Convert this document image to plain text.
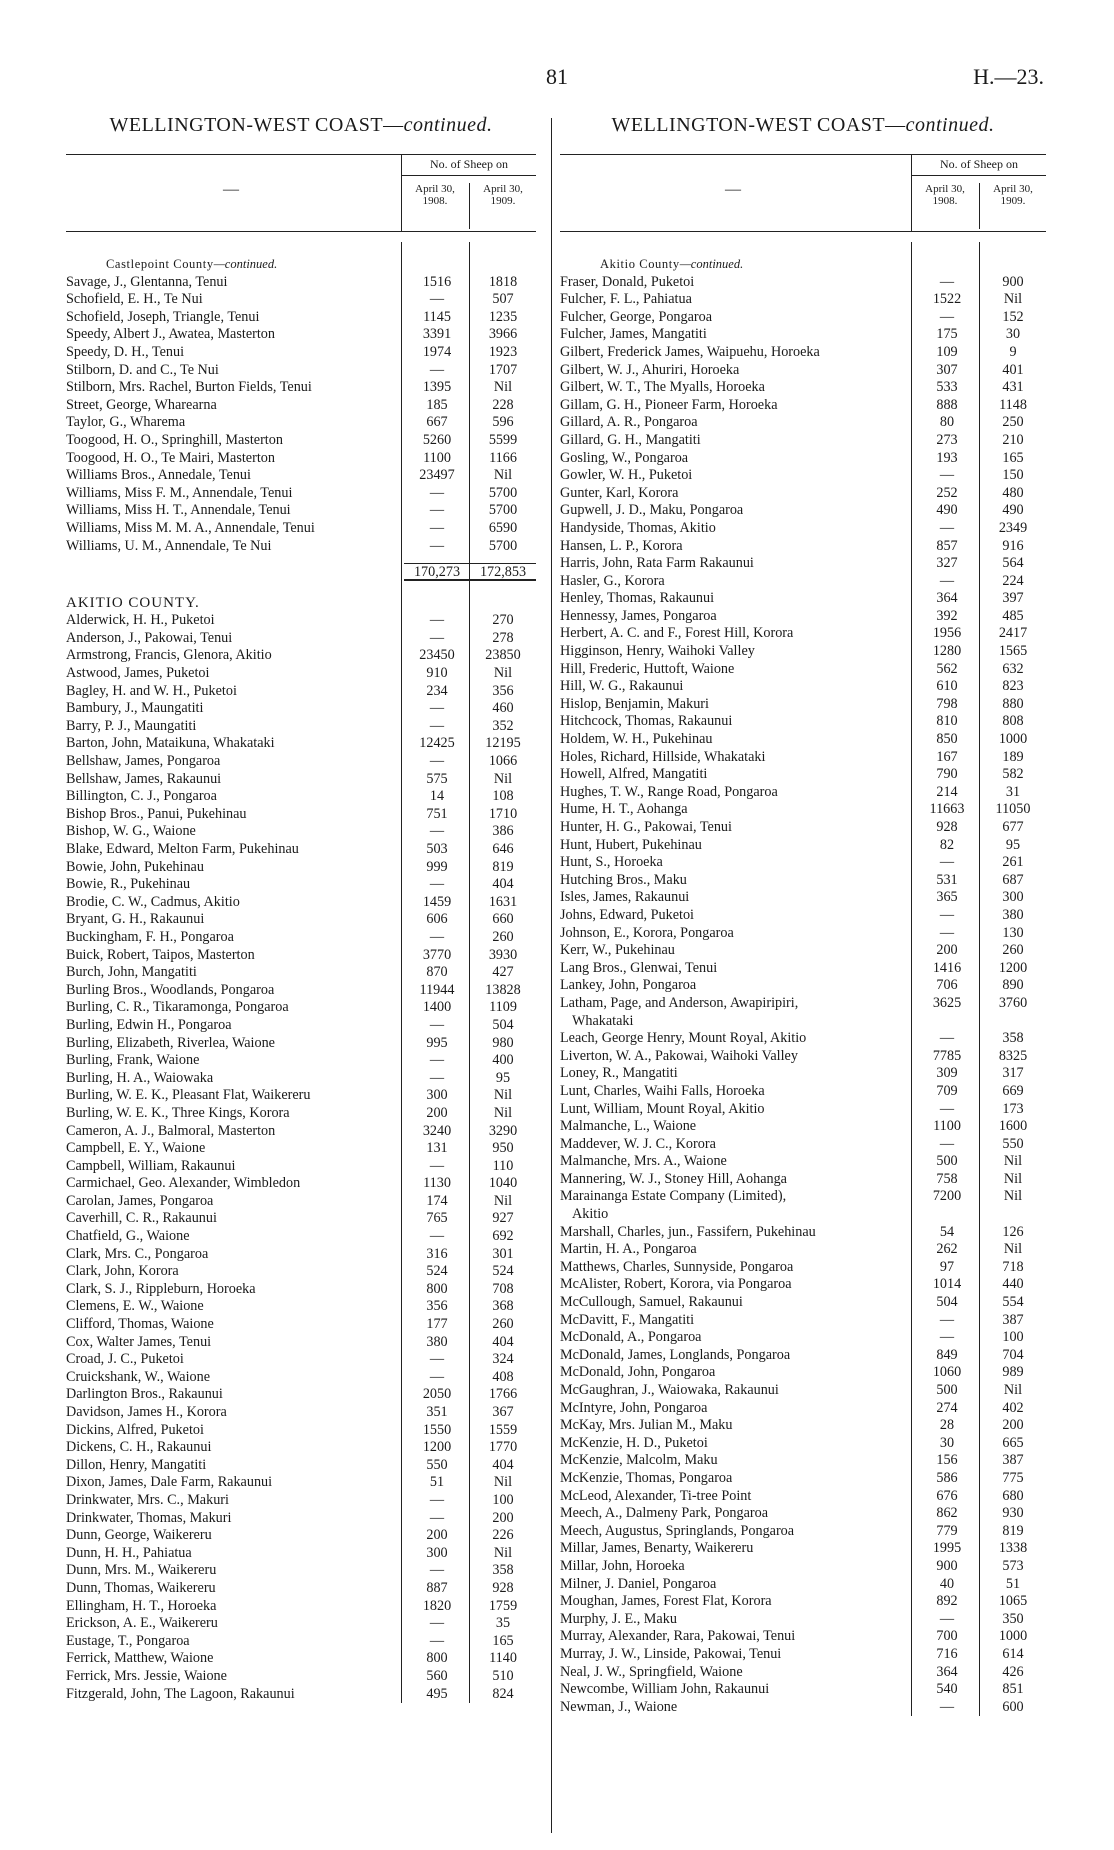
81	H.—23.
WELLINGTON-WEST COAST—continued.
—
No. of Sheep on
April 30, 1908.
April 30, 1909.
Castlepoint County —continued.
Savage, J., Glentanna, Tenui	1516	1818
Schofield, E. H., Te Nui	—	507
Schofield, Joseph, Triangle, Tenui	1145	1235
Speedy, Albert J., Awatea, Masterton	3391	3966
Speedy, D. H., Tenui	1974	1923
Stilborn, D. and C., Te Nui	—	1707
Stilborn, Mrs. Rachel, Burton Fields, Tenui	1395	Nil
Street, George, Wharearna	185	228
Taylor, G., Wharema	667	596
Toogood, H. O., Springhill, Masterton	5260	5599
Toogood, H. O., Te Mairi, Masterton	1100	1166
Williams Bros., Annedale, Tenui	23497	Nil
Williams, Miss F. M., Annendale, Tenui	—	5700
Williams, Miss H. T., Annendale, Tenui	—	5700
Williams, Miss M. M. A., Annendale, Tenui	—	6590
Williams, U. M., Annendale, Te Nui	—	5700
170,273	172,853
AKITIO COUNTY.
Alderwick, H. H., Puketoi	—	270
Anderson, J., Pakowai, Tenui	—	278
Armstrong, Francis, Glenora, Akitio	23450	23850
Astwood, James, Puketoi	910	Nil
Bagley, H. and W. H., Puketoi	234	356
Bambury, J., Maungatiti	—	460
Barry, P. J., Maungatiti	—	352
Barton, John, Mataikuna, Whakataki	12425	12195
Bellshaw, James, Pongaroa	—	1066
Bellshaw, James, Rakaunui	575	Nil
Billington, C. J., Pongaroa	14	108
Bishop Bros., Panui, Pukehinau	751	1710
Bishop, W. G., Waione	—	386
Blake, Edward, Melton Farm, Pukehinau	503	646
Bowie, John, Pukehinau	999	819
Bowie, R., Pukehinau	—	404
Brodie, C. W., Cadmus, Akitio	1459	1631
Bryant, G. H., Rakaunui	606	660
Buckingham, F. H., Pongaroa	—	260
Buick, Robert, Taipos, Masterton	3770	3930
Burch, John, Mangatiti	870	427
Burling Bros., Woodlands, Pongaroa	11944	13828
Burling, C. R., Tikaramonga, Pongaroa	1400	1109
Burling, Edwin H., Pongaroa	—	504
Burling, Elizabeth, Riverlea, Waione	995	980
Burling, Frank, Waione	—	400
Burling, H. A., Waiowaka	—	95
Burling, W. E. K., Pleasant Flat, Waikereru	300	Nil
Burling, W. E. K., Three Kings, Korora	200	Nil
Cameron, A. J., Balmoral, Masterton	3240	3290
Campbell, E. Y., Waione	131	950
Campbell, William, Rakaunui	—	110
Carmichael, Geo. Alexander, Wimbledon	1130	1040
Carolan, James, Pongaroa	174	Nil
Caverhill, C. R., Rakaunui	765	927
Chatfield, G., Waione	—	692
Clark, Mrs. C., Pongaroa	316	301
Clark, John, Korora	524	524
Clark, S. J., Rippleburn, Horoeka	800	708
Clemens, E. W., Waione	356	368
Clifford, Thomas, Waione	177	260
Cox, Walter James, Tenui	380	404
Croad, J. C., Puketoi	—	324
Cruickshank, W., Waione	—	408
Darlington Bros., Rakaunui	2050	1766
Davidson, James H., Korora	351	367
Dickins, Alfred, Puketoi	1550	1559
Dickens, C. H., Rakaunui	1200	1770
Dillon, Henry, Mangatiti	550	404
Dixon, James, Dale Farm, Rakaunui	51	Nil
Drinkwater, Mrs. C., Makuri	—	100
Drinkwater, Thomas, Makuri	—	200
Dunn, George, Waikereru	200	226
Dunn, H. H., Pahiatua	300	Nil
Dunn, Mrs. M., Waikereru	—	358
Dunn, Thomas, Waikereru	887	928
Ellingham, H. T., Horoeka	1820	1759
Erickson, A. E., Waikereru	—	35
Eustage, T., Pongaroa	—	165
Ferrick, Matthew, Waione	800	1140
Ferrick, Mrs. Jessie, Waione	560	510
Fitzgerald, John, The Lagoon, Rakaunui	495	824
WELLINGTON-WEST COAST—continued.
—
No. of Sheep on
April 30, 1908.
April 30, 1909.
Akitio County —continued.
Fraser, Donald, Puketoi	—	900
Fulcher, F. L., Pahiatua	1522	Nil
Fulcher, George, Pongaroa	—	152
Fulcher, James, Mangatiti	175	30
Gilbert, Frederick James, Waipuehu, Horoeka	109	9
Gilbert, W. J., Ahuriri, Horoeka	307	401
Gilbert, W. T., The Myalls, Horoeka	533	431
Gillam, G. H., Pioneer Farm, Horoeka	888	1148
Gillard, A. R., Pongaroa	80	250
Gillard, G. H., Mangatiti	273	210
Gosling, W., Pongaroa	193	165
Gowler, W. H., Puketoi	—	150
Gunter, Karl, Korora	252	480
Gupwell, J. D., Maku, Pongaroa	490	490
Handyside, Thomas, Akitio	—	2349
Hansen, L. P., Korora	857	916
Harris, John, Rata Farm Rakaunui	327	564
Hasler, G., Korora	—	224
Henley, Thomas, Rakaunui	364	397
Hennessy, James, Pongaroa	392	485
Herbert, A. C. and F., Forest Hill, Korora	1956	2417
Higginson, Henry, Waihoki Valley	1280	1565
Hill, Frederic, Huttoft, Waione	562	632
Hill, W. G., Rakaunui	610	823
Hislop, Benjamin, Makuri	798	880
Hitchcock, Thomas, Rakaunui	810	808
Holdem, W. H., Pukehinau	850	1000
Holes, Richard, Hillside, Whakataki	167	189
Howell, Alfred, Mangatiti	790	582
Hughes, T. W., Range Road, Pongaroa	214	31
Hume, H. T., Aohanga	11663	11050
Hunter, H. G., Pakowai, Tenui	928	677
Hunt, Hubert, Pukehinau	82	95
Hunt, S., Horoeka	—	261
Hutching Bros., Maku	531	687
Isles, James, Rakaunui	365	300
Johns, Edward, Puketoi	—	380
Johnson, E., Korora, Pongaroa	—	130
Kerr, W., Pukehinau	200	260
Lang Bros., Glenwai, Tenui	1416	1200
Lankey, John, Pongaroa	706	890
Latham, Page, and Anderson, Awapiripiri,	3625	3760
Whakataki
Leach, George Henry, Mount Royal, Akitio	—	358
Liverton, W. A., Pakowai, Waihoki Valley	7785	8325
Loney, R., Mangatiti	309	317
Lunt, Charles, Waihi Falls, Horoeka	709	669
Lunt, William, Mount Royal, Akitio	—	173
Malmanche, L., Waione	1100	1600
Maddever, W. J. C., Korora	—	550
Malmanche, Mrs. A., Waione	500	Nil
Mannering, W. J., Stoney Hill, Aohanga	758	Nil
Marainanga Estate Company (Limited),	7200	Nil
Akitio
Marshall, Charles, jun., Fassifern, Pukehinau	54	126
Martin, H. A., Pongaroa	262	Nil
Matthews, Charles, Sunnyside, Pongaroa	97	718
McAlister, Robert, Korora, via Pongaroa	1014	440
McCullough, Samuel, Rakaunui	504	554
McDavitt, F., Mangatiti	—	387
McDonald, A., Pongaroa	—	100
McDonald, James, Longlands, Pongaroa	849	704
McDonald, John, Pongaroa	1060	989
McGaughran, J., Waiowaka, Rakaunui	500	Nil
McIntyre, John, Pongaroa	274	402
McKay, Mrs. Julian M., Maku	28	200
McKenzie, H. D., Puketoi	30	665
McKenzie, Malcolm, Maku	156	387
McKenzie, Thomas, Pongaroa	586	775
McLeod, Alexander, Ti-tree Point	676	680
Meech, A., Dalmeny Park, Pongaroa	862	930
Meech, Augustus, Springlands, Pongaroa	779	819
Millar, James, Benarty, Waikereru	1995	1338
Millar, John, Horoeka	900	573
Milner, J. Daniel, Pongaroa	40	51
Moughan, James, Forest Flat, Korora	892	1065
Murphy, J. E., Maku	—	350
Murray, Alexander, Rara, Pakowai, Tenui	700	1000
Murray, J. W., Linside, Pakowai, Tenui	716	614
Neal, J. W., Springfield, Waione	364	426
Newcombe, William John, Rakaunui	540	851
Newman, J., Waione	—	600
